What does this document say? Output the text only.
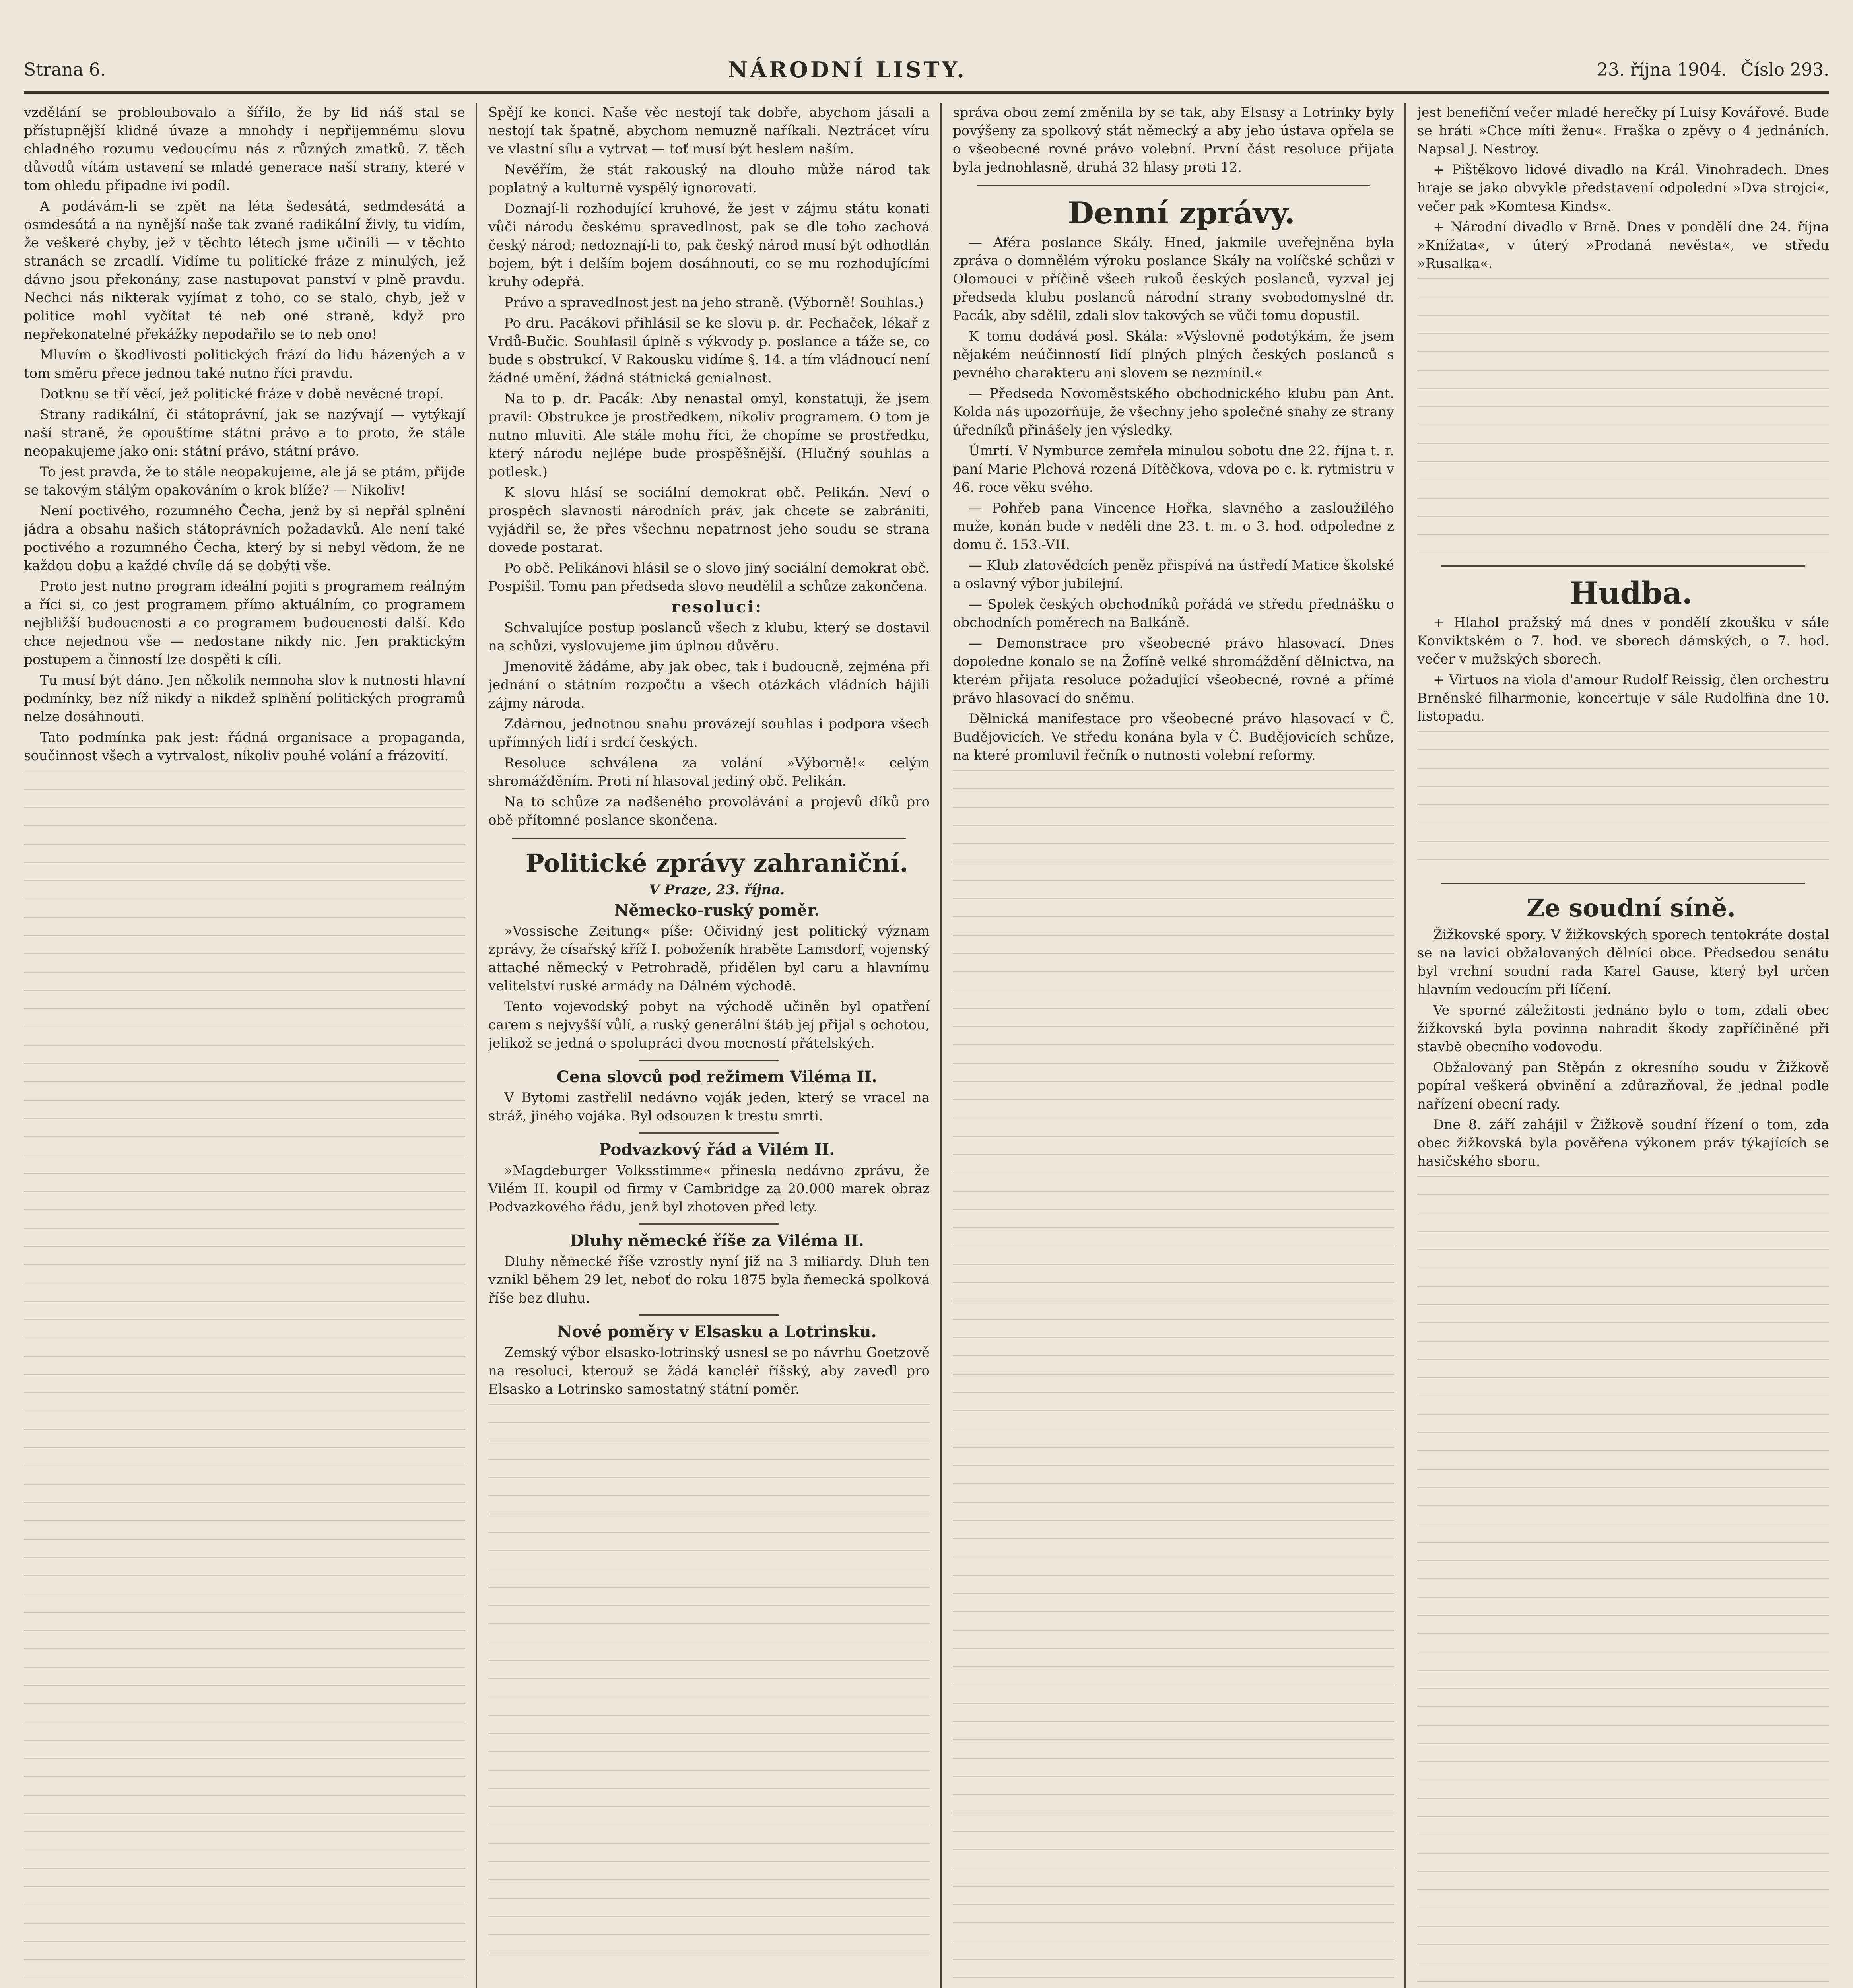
Strana 6.	NÁRODNÍ LISTY.	23. října 1904. Číslo 293.

vzdělání se probloubovalo a šířilo, že by lid náš stal se přístupnější klidné úvaze a mnohdy i nepřijemnému slovu chladného rozumu vedoucímu nás z různých zmatků. Z těch důvodů vítám ustavení se mladé generace naší strany, které v tom ohledu připadne ivi podíl.

A podávám-li se zpět na léta šedesátá, sedmdesátá a osmdesátá a na nynější naše tak zvané radikální živly, tu vidím, že veškeré chyby, jež v těchto létech jsme učinili — v těchto stranách se zrcadlí. Vidíme tu politické fráze z minulých, jež dávno jsou překonány, zase nastupovat panství v plně pravdu. Nechci nás nikterak vyjímat z toho, co se stalo, chyb, jež v politice mohl vyčítat té neb oné straně, když pro nepřekonatelné překážky nepodařilo se to neb ono!

Mluvím o škodlivosti politických frází do lidu házených a v tom směru přece jednou také nutno říci pravdu.

Dotknu se tří věcí, jež politické fráze v době nevěcné tropí.

Strany radikální, či státoprávní, jak se nazývají — vytýkají naší straně, že opouštíme státní právo a to proto, že stále neopakujeme jako oni: státní právo, státní právo.

To jest pravda, že to stále neopakujeme, ale já se ptám, přijde se takovým stálým opakováním o krok blíže? — Nikoliv!

Není poctivého, rozumného Čecha, jenž by si nepřál splnění jádra a obsahu našich státoprávních požadavků. Ale není také poctivého a rozumného Čecha, který by si nebyl vědom, že ne každou dobu a každé chvíle dá se dobýti vše.

Proto jest nutno program ideální pojiti s programem reálným a říci si, co jest programem přímo aktuálním, co programem nejbližší budoucnosti a co programem budoucnosti další. Kdo chce nejednou vše — nedostane nikdy nic. Jen praktickým postupem a činností lze dospěti k cíli.

Tu musí být dáno. Jen několik nemnoha slov k nutnosti hlavní podmínky, bez níž nikdy a nikdež splnění politických programů nelze dosáhnouti.

Tato podmínka pak jest: řádná organisace a propaganda, součinnost všech a vytrvalost, nikoliv pouhé volání a frázovití.

Spějí ke konci. Naše věc nestojí tak dobře, abychom jásali a nestojí tak špatně, abychom nemuzně naříkali. Neztrácet víru ve vlastní sílu a vytrvat — toť musí být heslem naším.

Nevěřím, že stát rakouský na dlouho může národ tak poplatný a kulturně vyspělý ignorovati.

Doznají-li rozhodující kruhové, že jest v zájmu státu konati vůči národu českému spravedlnost, pak se dle toho zachová český národ; nedoznají-li to, pak český národ musí být odhodlán bojem, být i delším bojem dosáhnouti, co se mu rozhodujícími kruhy odepřá.

Právo a spravedlnost jest na jeho straně. (Výborně! Souhlas.)

Po dru. Pacákovi přihlásil se ke slovu p. dr. Pechaček, lékař z Vrdů-Bučic. Souhlasil úplně s výkvody p. poslance a táže se, co bude s obstrukcí. V Rakousku vidíme §. 14. a tím vládnoucí není žádné umění, žádná státnická genialnost.

Na to p. dr. Pacák: Aby nenastal omyl, konstatuji, že jsem pravil: Obstrukce je prostředkem, nikoliv programem. O tom je nutno mluviti. Ale stále mohu říci, že chopíme se prostředku, který národu nejlépe bude prospěšnější. (Hlučný souhlas a potlesk.)

K slovu hlásí se sociální demokrat obč. Pelikán. Neví o prospěch slavnosti národních práv, jak chcete se zabrániti, vyjádřil se, že přes všechnu nepatrnost jeho soudu se strana dovede postarat.

Po obč. Pelikánovi hlásil se o slovo jiný sociální demokrat obč. Pospíšil. Tomu pan předseda slovo neudělil a schůze zakončena.

resoluci:

Schvalujíce postup poslanců všech z klubu, který se dostavil na schůzi, vyslovujeme jim úplnou důvěru.

Jmenovitě žádáme, aby jak obec, tak i budoucně, zejména při jednání o státním rozpočtu a všech otázkách vládních hájili zájmy národa.

Zdárnou, jednotnou snahu provázejí souhlas i podpora všech upřímných lidí i srdcí českých.

Resoluce schválena za volání »Výborně!« celým shromážděním. Proti ní hlasoval jediný obč. Pelikán.

Na to schůze za nadšeného provolávání a projevů díků pro obě přítomné poslance skončena.

Politické zprávy zahraniční.

V Praze, 23. října.

Německo-ruský poměr.

»Vossische Zeitung« píše: Očividný jest politický význam zprávy, že císařský kříž I. poboženík hraběte Lamsdorf, vojenský attaché německý v Petrohradě, přidělen byl caru a hlavnímu velitelství ruské armády na Dálném východě.

Tento vojevodský pobyt na východě učiněn byl opatření carem s nejvyšší vůlí, a ruský generální štáb jej přijal s ochotou, jelikož se jedná o spolupráci dvou mocností přátelských.

Cena slovců pod režimem Viléma II.

V Bytomi zastřelil nedávno voják jeden, který se vracel na stráž, jiného vojáka. Byl odsouzen k trestu smrti.

Podvazkový řád a Vilém II.

»Magdeburger Volksstimme« přinesla nedávno zprávu, že Vilém II. koupil od firmy v Cambridge za 20.000 marek obraz Podvazkového řádu, jenž byl zhotoven před lety.

Dluhy německé říše za Viléma II.

Dluhy německé říše vzrostly nyní již na 3 miliardy. Dluh ten vznikl během 29 let, neboť do roku 1875 byla ňemecká spolková říše bez dluhu.

Nové poměry v Elsasku a Lotrinsku.

Zemský výbor elsasko-lotrinský usnesl se po návrhu Goetzově na resoluci, kterouž se žádá kancléř říšský, aby zavedl pro Elsasko a Lotrinsko samostatný státní poměr.

správa obou zemí změnila by se tak, aby Elsasy a Lotrinky byly povýšeny za spolkový stát německý a aby jeho ústava opřela se o všeobecné rovné právo volební. První část resoluce přijata byla jednohlasně, druhá 32 hlasy proti 12.

Denní zprávy.

— Aféra poslance Skály. Hned, jakmile uveřejněna byla zpráva o domnělém výroku poslance Skály na volíčské schůzi v Olomouci v příčině všech rukoů českých poslanců, vyzval jej předseda klubu poslanců národní strany svobodomyslné dr. Pacák, aby sdělil, zdali slov takových se vůči tomu dopustil.

K tomu dodává posl. Skála: »Výslovně podotýkám, že jsem nějakém neúčinností lidí plných plných českých poslanců s pevného charakteru ani slovem se nezmínil.«

— Předseda Novoměstského obchodnického klubu pan Ant. Kolda nás upozorňuje, že všechny jeho společné snahy ze strany úředníků přinášely jen výsledky.

Úmrtí. V Nymburce zemřela minulou sobotu dne 22. října t. r. paní Marie Plchová rozená Dítěčkova, vdova po c. k. rytmistru v 46. roce věku svého.

— Pohřeb pana Vincence Hořka, slavného a zasloužilého muže, konán bude v neděli dne 23. t. m. o 3. hod. odpoledne z domu č. 153.-VII.

— Klub zlatovědcích peněz přispívá na ústředí Matice školské a oslavný výbor jubilejní.

— Spolek českých obchodníků pořádá ve středu přednášku o obchodních poměrech na Balkáně.

— Demonstrace pro všeobecné právo hlasovací. Dnes dopoledne konalo se na Žofíně velké shromáždění dělnictva, na kterém přijata resoluce požadující všeobecné, rovné a přímé právo hlasovací do sněmu.

Dělnická manifestace pro všeobecné právo hlasovací v Č. Budějovicích. Ve středu konána byla v Č. Budějovicích schůze, na které promluvil řečník o nutnosti volební reformy.

jest benefiční večer mladé herečky pí Luisy Kovářové. Bude se hráti »Chce míti ženu«. Fraška o zpěvy o 4 jednáních. Napsal J. Nestroy.

+ Pištěkovo lidové divadlo na Král. Vinohradech. Dnes hraje se jako obvykle představení odpolední »Dva strojci«, večer pak »Komtesa Kinds«.

+ Národní divadlo v Brně. Dnes v pondělí dne 24. října »Knížata«, v úterý »Prodaná nevěsta«, ve středu »Rusalka«.

Hudba.

+ Hlahol pražský má dnes v pondělí zkoušku v sále Konviktském o 7. hod. ve sborech dámských, o 7. hod. večer v mužských sborech.

+ Virtuos na viola d'amour Rudolf Reissig, člen orchestru Brněnské filharmonie, koncertuje v sále Rudolfina dne 10. listopadu.

Ze soudní síně.

Žižkovské spory. V žižkovských sporech tentokráte dostal se na lavici obžalovaných dělníci obce. Předsedou senátu byl vrchní soudní rada Karel Gause, který byl určen hlavním vedoucím při líčení.

Ve sporné záležitosti jednáno bylo o tom, zdali obec žižkovská byla povinna nahradit škody zapříčiněné při stavbě obecního vodovodu.

Obžalovaný pan Stěpán z okresního soudu v Žižkově popíral veškerá obvinění a zdůrazňoval, že jednal podle nařízení obecní rady.

Dne 8. září zahájil v Žižkově soudní řízení o tom, zda obec žižkovská byla pověřena výkonem práv týkajících se hasičského sboru.
